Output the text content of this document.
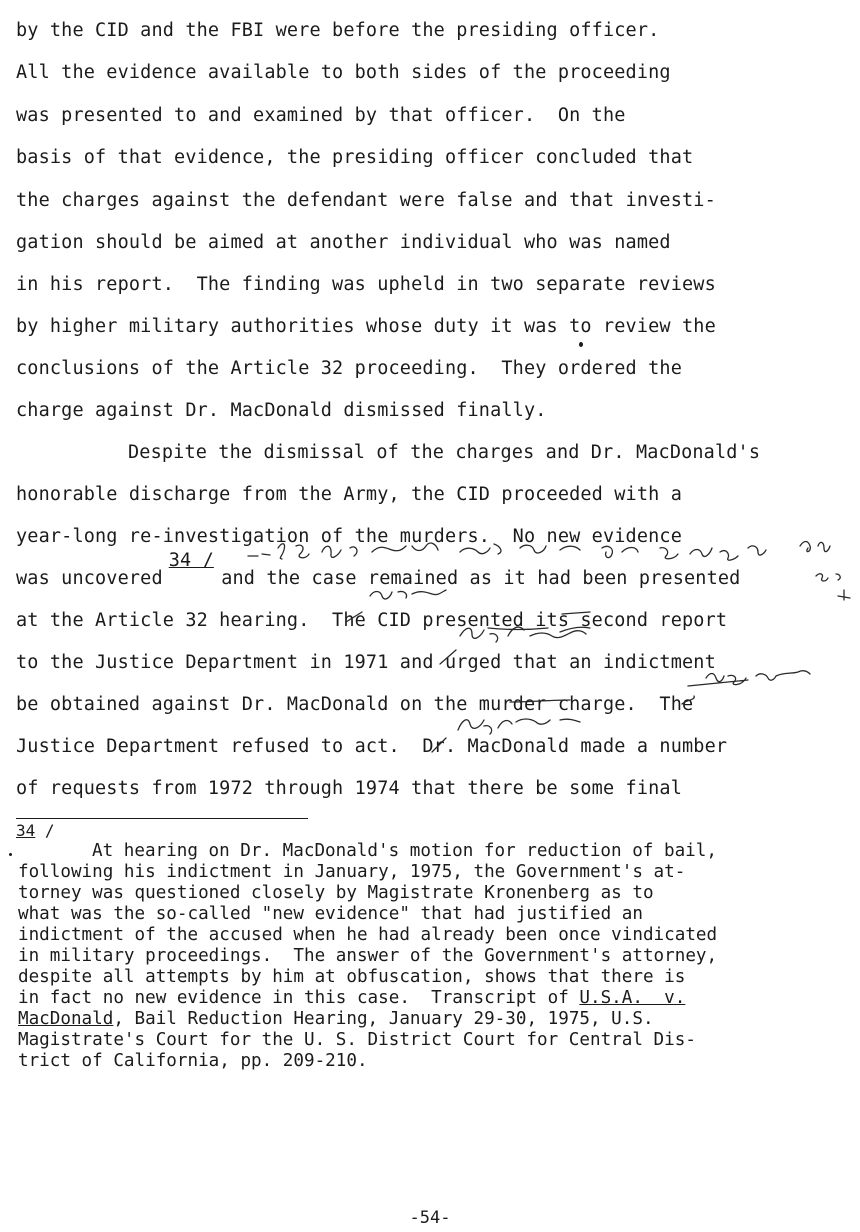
by the CID and the FBI were before the presiding officer.
All the evidence available to both sides of the proceeding
was presented to and examined by that officer.  On the
basis of that evidence, the presiding officer concluded that
the charges against the defendant were false and that investi-
gation should be aimed at another individual who was named
in his report.  The finding was upheld in two separate reviews
by higher military authorities whose duty it was to review the
conclusions of the Article 32 proceeding.  They ordered the
charge against Dr. MacDonald dismissed finally.
Despite the dismissal of the charges and Dr. MacDonald's
honorable discharge from the Army, the CID proceeded with a
year-long re-investigation of the murders.  No new evidence
was uncovered34 / and the case remained as it had been presented
at the Article 32 hearing.  The CID presented its second report
to the Justice Department in 1971 and urged that an indictment
be obtained against Dr. MacDonald on the murder charge.  The
Justice Department refused to act.  Dr. MacDonald made a number
of requests from 1972 through 1974 that there be some final
34 /
At hearing on Dr. MacDonald's motion for reduction of bail,
following his indictment in January, 1975, the Government's at-
torney was questioned closely by Magistrate Kronenberg as to
what was the so-called "new evidence" that had justified an
indictment of the accused when he had already been once vindicated
in military proceedings.  The answer of the Government's attorney,
despite all attempts by him at obfuscation, shows that there is
in fact no new evidence in this case.  Transcript of U.S.A.  v.
MacDonald, Bail Reduction Hearing, January 29-30, 1975, U.S.
Magistrate's Court for the U. S. District Court for Central Dis-
trict of California, pp. 209-210.
-54-
